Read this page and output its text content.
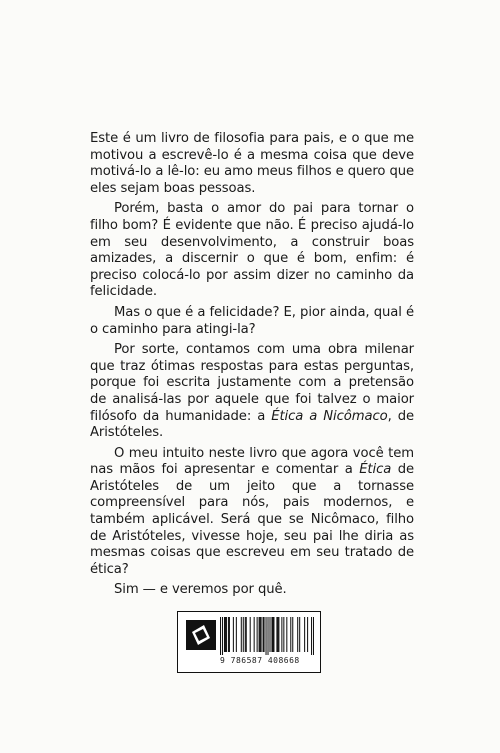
Este é um livro de filosofia para pais, e o que me motivou a escrevê-lo é a mesma coisa que deve motivá-lo a lê-lo: eu amo meus filhos e quero que eles sejam boas pessoas.

Porém, basta o amor do pai para tornar o filho bom? É evidente que não. É preciso ajudá-lo em seu desenvolvimento, a construir boas amizades, a discernir o que é bom, enfim: é preciso colocá-lo por assim dizer no caminho da felicidade.

Mas o que é a felicidade? E, pior ainda, qual é o caminho para atingi-la?

Por sorte, contamos com uma obra milenar que traz ótimas respostas para estas perguntas, porque foi escrita justamente com a pretensão de analisá-las por aquele que foi talvez o maior filósofo da humanidade: a Ética a Nicômaco, de Aristóteles.

O meu intuito neste livro que agora você tem nas mãos foi apresentar e comentar a Ética de Aristóteles de um jeito que a tornasse compreensível para nós, pais modernos, e também aplicável. Será que se Nicômaco, filho de Aristóteles, vivesse hoje, seu pai lhe diria as mesmas coisas que escreveu em seu tratado de ética?

Sim — e veremos por quê.

9 786587 408668
